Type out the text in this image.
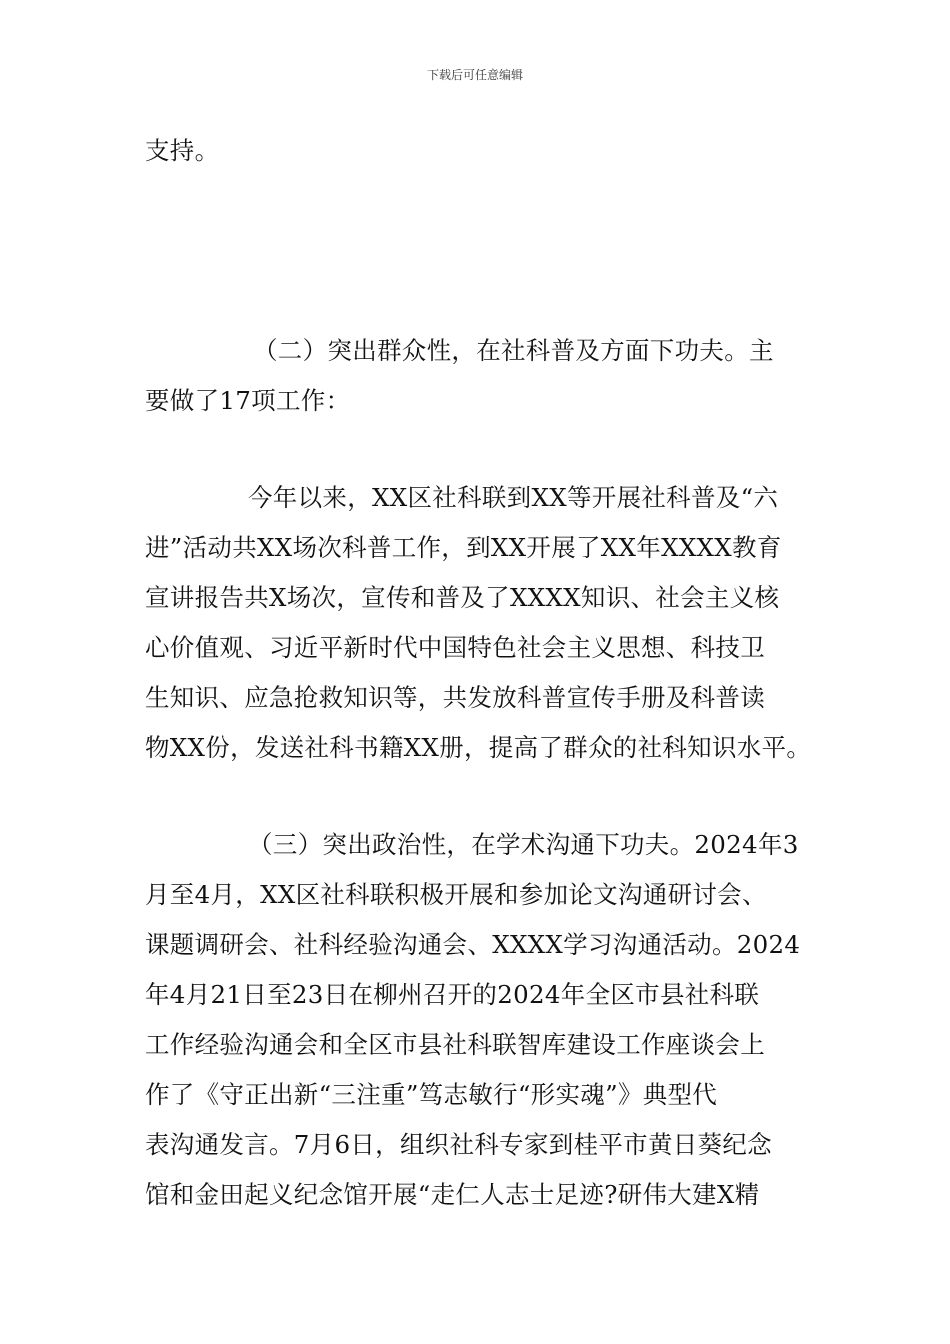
下载后可任意编辑
支持。
（二）突出群众性，在社科普及方面下功夫。主
要做了17项工作：
今年以来，XX区社科联到XX等开展社科普及“六
进”活动共XX场次科普工作，到XX开展了XX年XXXX教育
宣讲报告共X场次，宣传和普及了XXXX知识、社会主义核
心价值观、习近平新时代中国特色社会主义思想、科技卫
生知识、应急抢救知识等，共发放科普宣传手册及科普读
物XX份，发送社科书籍XX册，提高了群众的社科知识水平。
（三）突出政治性，在学术沟通下功夫。2024年3
月至4月，XX区社科联积极开展和参加论文沟通研讨会、
课题调研会、社科经验沟通会、XXXX学习沟通活动。2024
年4月21日至23日在柳州召开的2024年全区市县社科联
工作经验沟通会和全区市县社科联智库建设工作座谈会上
作了《守正出新“三注重”笃志敏行“形实魂”》典型代
表沟通发言。7月6日，组织社科专家到桂平市黄日葵纪念
馆和金田起义纪念馆开展“走仁人志士足迹?研伟大建X精
